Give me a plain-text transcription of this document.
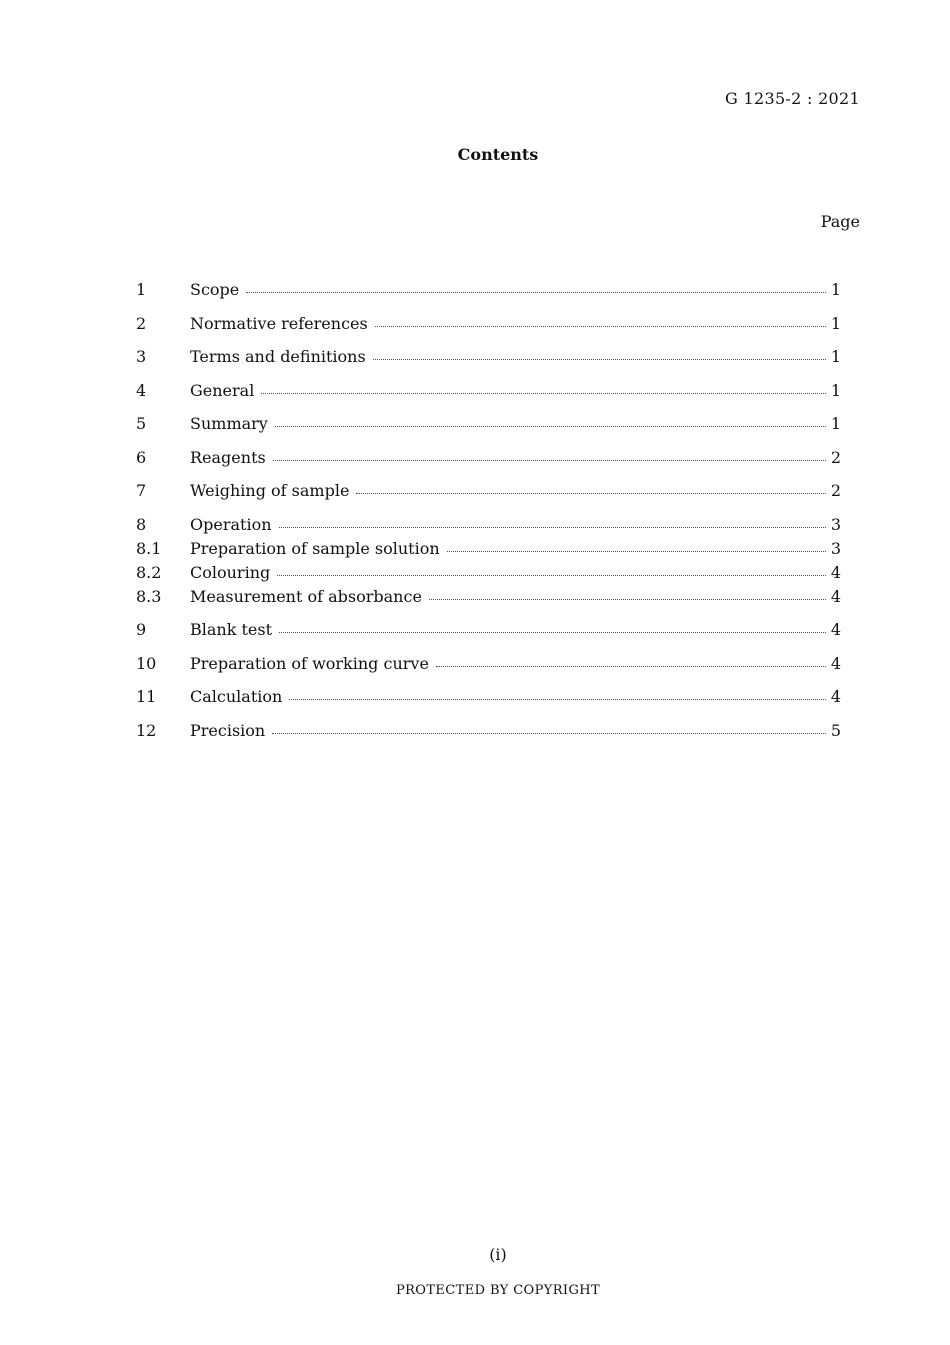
G 1235-2 : 2021
Contents
Page
1	Scope	1
2	Normative references	1
3	Terms and definitions	1
4	General	1
5	Summary	1
6	Reagents	2
7	Weighing of sample	2
8	Operation	3
8.1 Preparation of sample solution	3
8.2 Colouring	4
8.3 Measurement of absorbance	4
9	Blank test	4
10 Preparation of working curve	4
11 Calculation	4
12 Precision	5
(i)
PROTECTED BY COPYRIGHT
